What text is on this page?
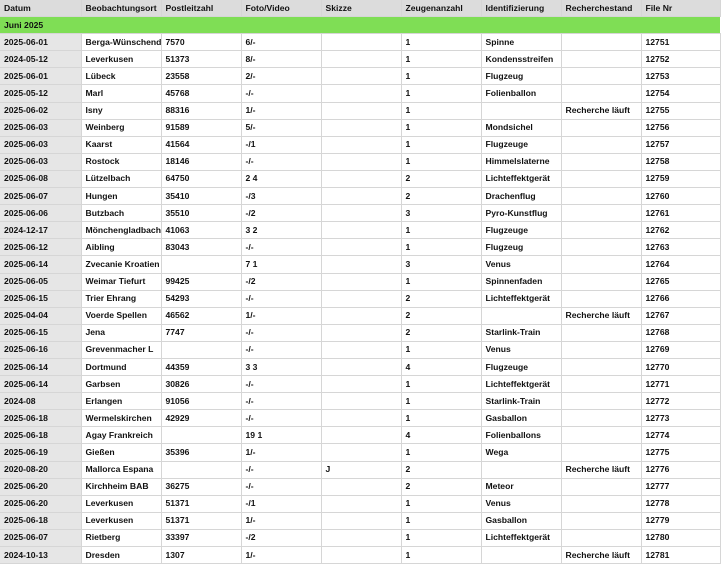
Datum	Beobachtungsort	Postleitzahl	Foto/Video	Skizze	Zeugenanzahl	Identifizierung	Recherchestand	File Nr
Juni 2025								
2025-06-01	Berga-Wünschend	7570	6/-		1	Spinne		12751
2024-05-12	Leverkusen	51373	8/-		1	Kondensstreifen		12752
2025-06-01	Lübeck	23558	2/-		1	Flugzeug		12753
2025-05-12	Marl	45768	-/-		1	Folienballon		12754
2025-06-02	Isny	88316	1/-		1		Recherche läuft	12755
2025-06-03	Weinberg	91589	5/-		1	Mondsichel		12756
2025-06-03	Kaarst	41564	-/1		1	Flugzeuge		12757
2025-06-03	Rostock	18146	-/-		1	Himmelslaterne		12758
2025-06-08	Lützelbach	64750	2 4		2	Lichteffektgerät		12759
2025-06-07	Hungen	35410	-/3		2	Drachenflug		12760
2025-06-06	Butzbach	35510	-/2		3	Pyro-Kunstflug		12761
2024-12-17	Mönchengladbach	41063	3 2		1	Flugzeuge		12762
2025-06-12	Aibling	83043	-/-		1	Flugzeug		12763
2025-06-14	Zvecanie Kroatien		7 1		3	Venus		12764
2025-06-05	Weimar Tiefurt	99425	-/2		1	Spinnenfaden		12765
2025-06-15	Trier Ehrang	54293	-/-		2	Lichteffektgerät		12766
2025-04-04	Voerde Spellen	46562	1/-		2		Recherche läuft	12767
2025-06-15	Jena	7747	-/-		2	Starlink-Train		12768
2025-06-16	Grevenmacher L		-/-		1	Venus		12769
2025-06-14	Dortmund	44359	3 3		4	Flugzeuge		12770
2025-06-14	Garbsen	30826	-/-		1	Lichteffektgerät		12771
2024-08	Erlangen	91056	-/-		1	Starlink-Train		12772
2025-06-18	Wermelskirchen	42929	-/-		1	Gasballon		12773
2025-06-18	Agay Frankreich		19 1		4	Folienballons		12774
2025-06-19	Gießen	35396	1/-		1	Wega		12775
2020-08-20	Mallorca Espana		-/-	J	2		Recherche läuft	12776
2025-06-20	Kirchheim BAB	36275	-/-		2	Meteor		12777
2025-06-20	Leverkusen	51371	-/1		1	Venus		12778
2025-06-18	Leverkusen	51371	1/-		1	Gasballon		12779
2025-06-07	Rietberg	33397	-/2		1	Lichteffektgerät		12780
2024-10-13	Dresden	1307	1/-		1		Recherche läuft	12781
